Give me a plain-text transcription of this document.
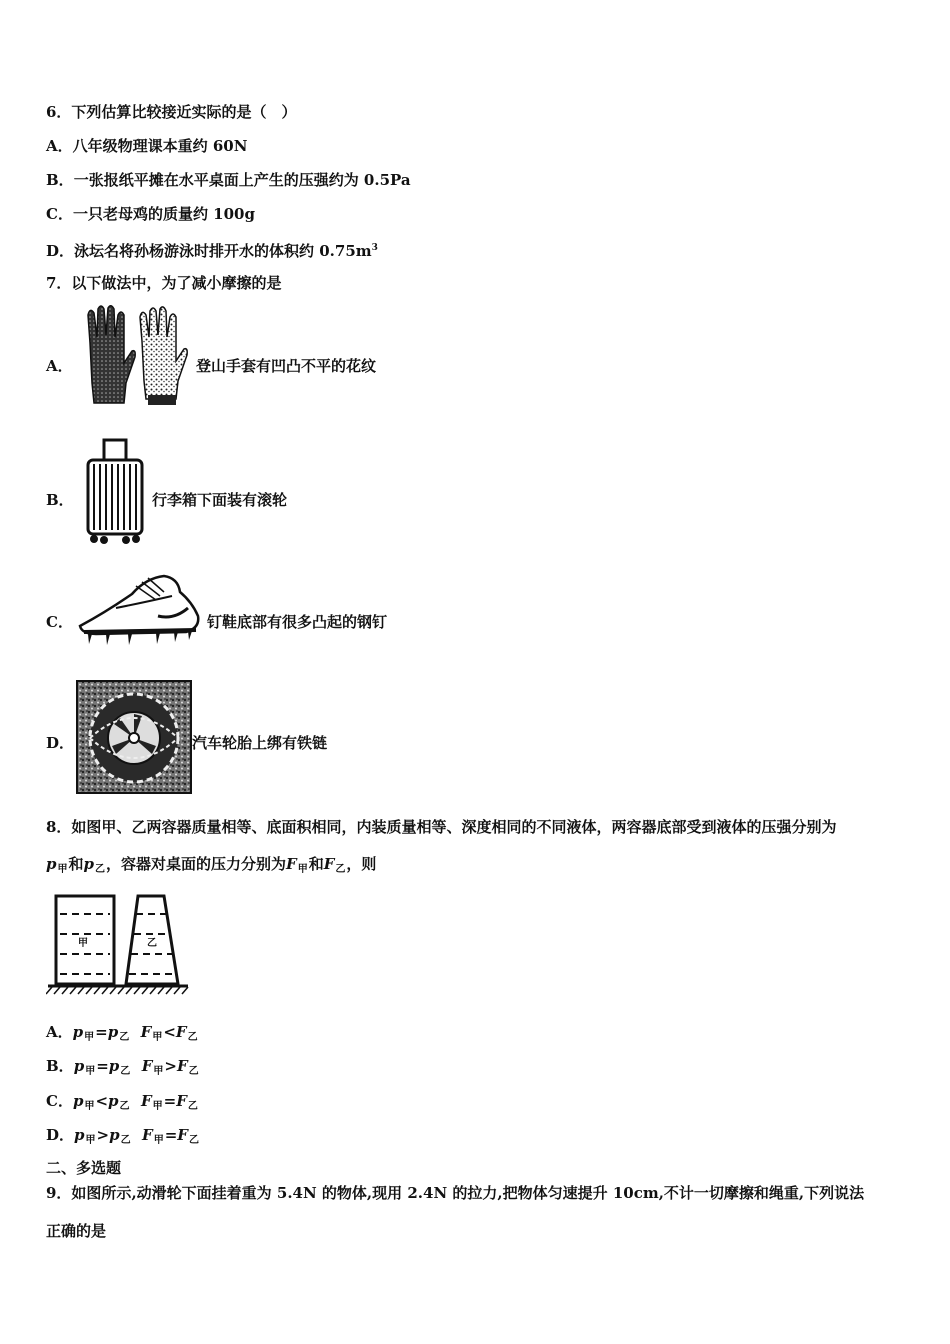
6．下列估算比较接近实际的是（　）
A．八年级物理课本重约 60N
B．一张报纸平摊在水平桌面上产生的压强约为 0.5Pa
C．一只老母鸡的质量约 100g
D．泳坛名将孙杨游泳时排开水的体积约 $0.75m^3$
7．以下做法中，为了减小摩擦的是
A．	登山手套有凹凸不平的花纹
B．	行李箱下面装有滚轮
C．	钉鞋底部有很多凸起的钢钉
D．	汽车轮胎上绑有铁链
8．如图甲、乙两容器质量相等、底面积相同，内装质量相等、深度相同的不同液体，两容器底部受到液体的压强分别为
$p_甲$和$p_乙$，容器对桌面的压力分别为$F_甲$和$F_乙$，则
甲	乙
A．$p_甲=p_乙$ $F_甲<F_乙$
B．$p_甲=p_乙$ $F_甲>F_乙$
C．$p_甲<p_乙$ $F_甲=F_乙$
D．$p_甲>p_乙$ $F_甲=F_乙$
二、多选题
9．如图所示,动滑轮下面挂着重为 5.4N 的物体,现用 2.4N 的拉力,把物体匀速提升 10cm,不计一切摩擦和绳重,下列说法
正确的是
